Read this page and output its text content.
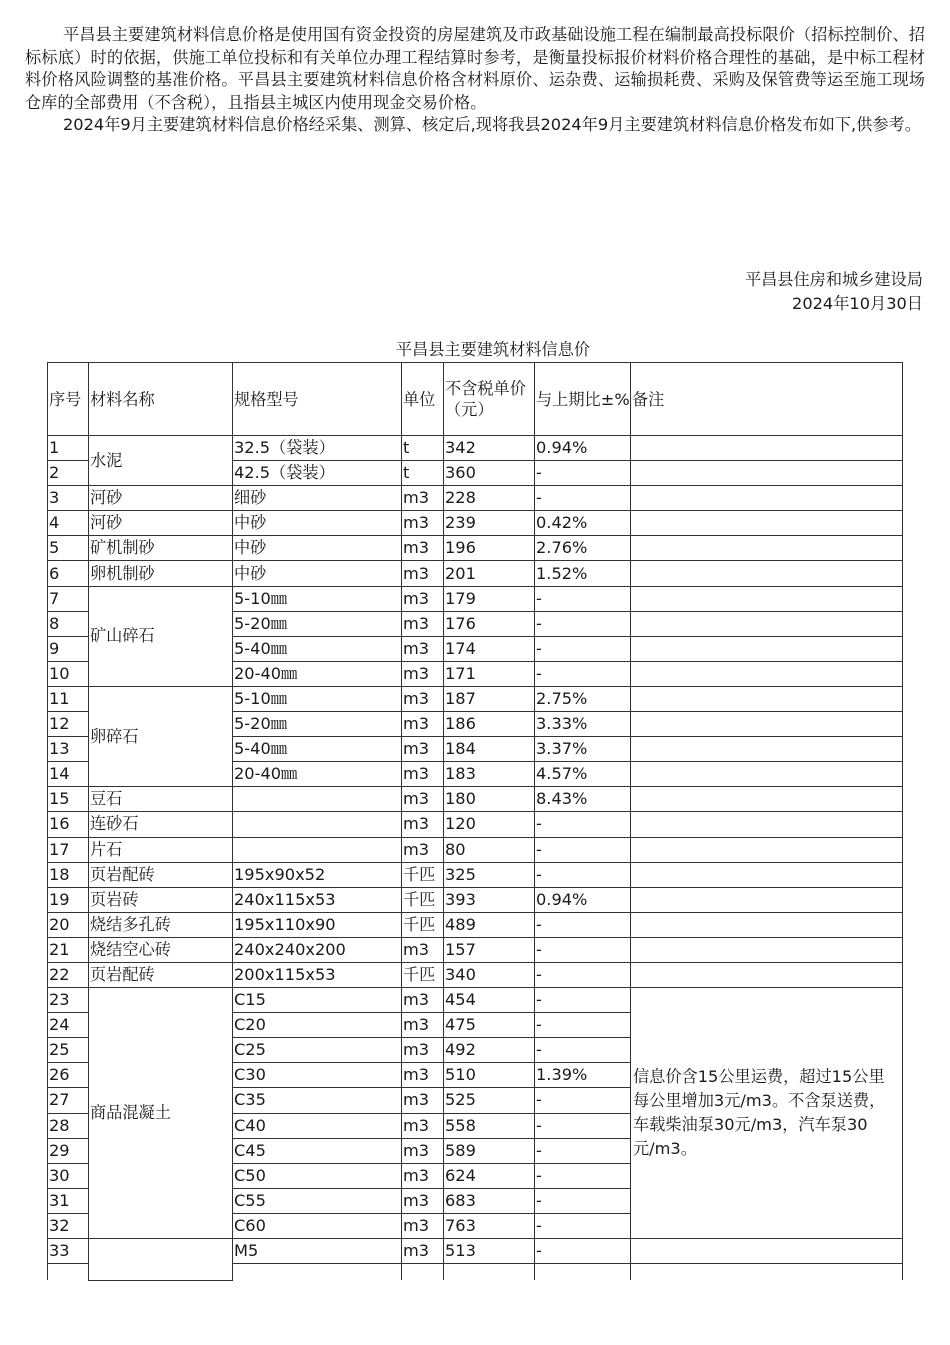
平昌县主要建筑材料信息价格是使用国有资金投资的房屋建筑及市政基础设施工程在编制最高投标限价（招标控制价、招标标底）时的依据，供施工单位投标和有关单位办理工程结算时参考，是衡量投标报价材料价格合理性的基础，是中标工程材料价格风险调整的基准价格。平昌县主要建筑材料信息价格含材料原价、运杂费、运输损耗费、采购及保管费等运至施工现场仓库的全部费用（不含税），且指县主城区内使用现金交易价格。

2024年9月主要建筑材料信息价格经采集、测算、核定后,现将我县2024年9月主要建筑材料信息价格发布如下,供参考。

平昌县住房和城乡建设局
2024年10月30日
平昌县主要建筑材料信息价
序号	材料名称	规格型号	单位	不含税单价（元）	与上期比±%	备注
1	水泥	32.5（袋装）	t	342	0.94%	
2		42.5（袋装）	t	360	-	
3	河砂	细砂	m3	228	-	
4	河砂	中砂	m3	239	0.42%	
5	矿机制砂	中砂	m3	196	2.76%	
6	卵机制砂	中砂	m3	201	1.52%	
7	矿山碎石	5-10㎜	m3	179	-	
8		5-20㎜	m3	176	-	
9		5-40㎜	m3	174	-	
10		20-40㎜	m3	171	-	
11	卵碎石	5-10㎜	m3	187	2.75%	
12		5-20㎜	m3	186	3.33%	
13		5-40㎜	m3	184	3.37%	
14		20-40㎜	m3	183	4.57%	
15	豆石		m3	180	8.43%	
16	连砂石		m3	120	-	
17	片石		m3	80	-	
18	页岩配砖	195x90x52	千匹	325	-	
19	页岩砖	240x115x53	千匹	393	0.94%	
20	烧结多孔砖	195x110x90	千匹	489	-	
21	烧结空心砖	240x240x200	m3	157	-	
22	页岩配砖	200x115x53	千匹	340	-	
23	商品混凝土	C15	m3	454	-	信息价含15公里运费，超过15公里每公里增加3元/m3。不含泵送费，车载柴油泵30元/m3，汽车泵30元/m3。
24		C20	m3	475	-	
25		C25	m3	492	-	
26		C30	m3	510	1.39%	
27		C35	m3	525	-	
28		C40	m3	558	-	
29		C45	m3	589	-	
30		C50	m3	624	-	
31		C55	m3	683	-	
32		C60	m3	763	-	
33		M5	m3	513	-	
